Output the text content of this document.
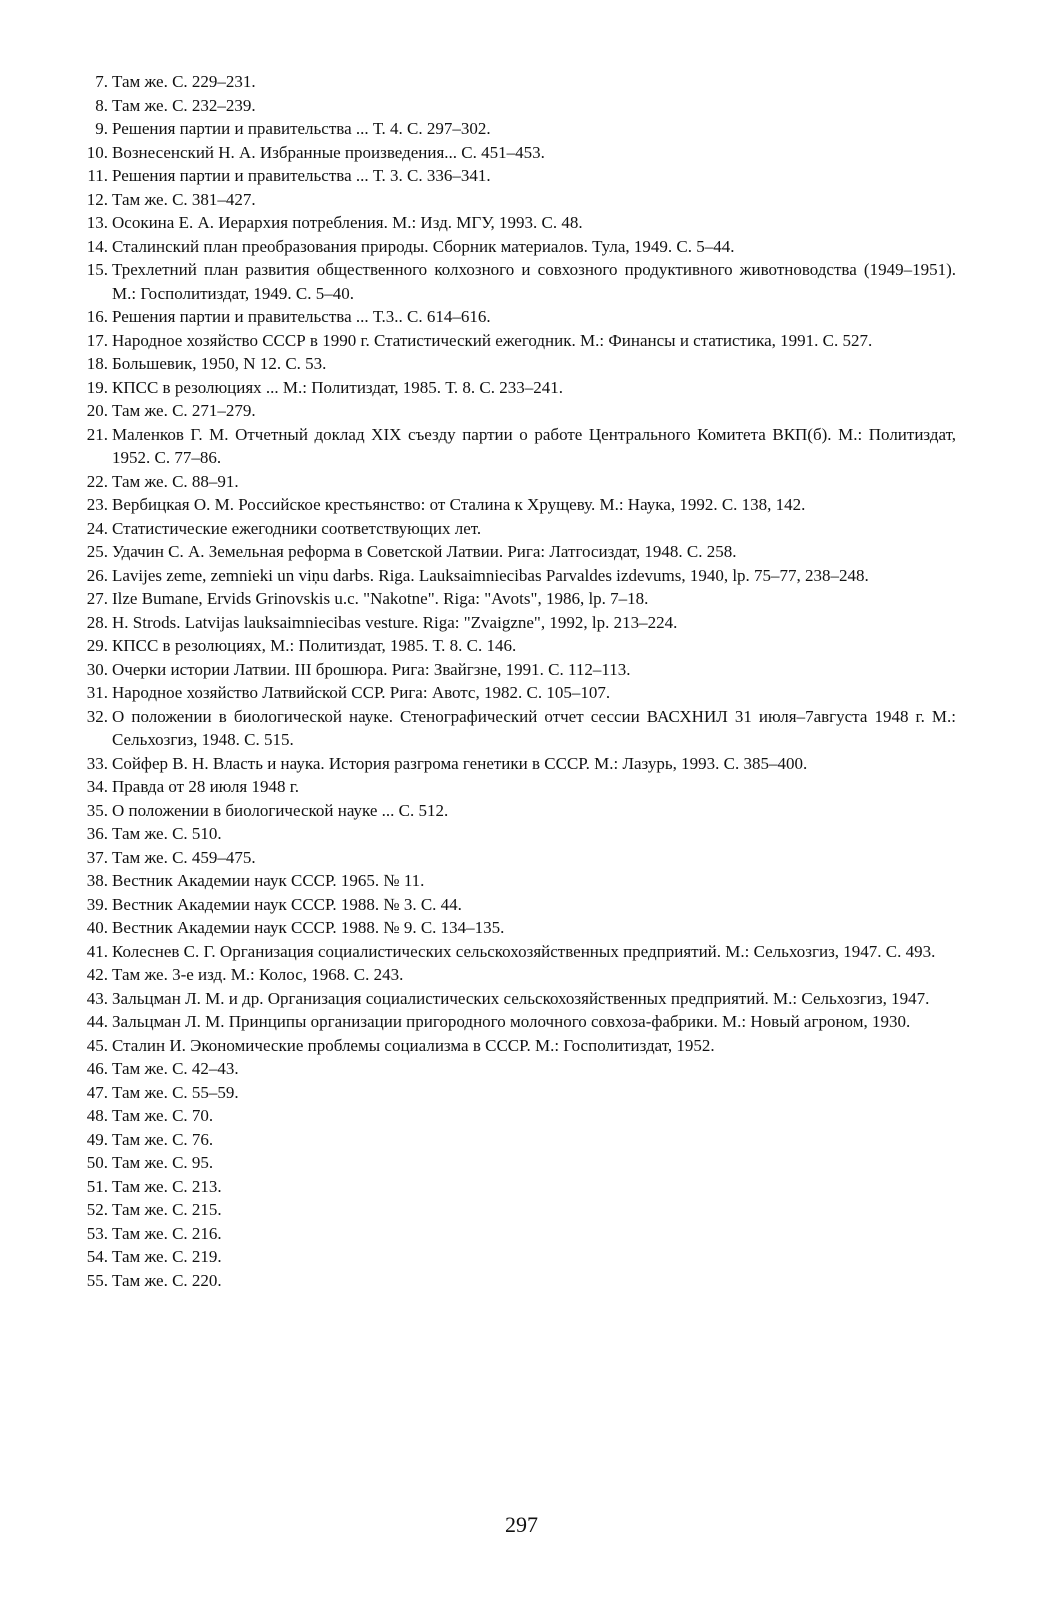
7. Там же. С. 229–231.
8. Там же. С. 232–239.
9. Решения партии и правительства ... Т. 4. С. 297–302.
10. Вознесенский Н. А. Избранные произведения... С. 451–453.
11. Решения партии и правительства ... Т. 3. С. 336–341.
12. Там же. С. 381–427.
13. Осокина Е. А. Иерархия потребления. М.: Изд. МГУ, 1993. С. 48.
14. Сталинский план преобразования природы. Сборник материалов. Тула, 1949. С. 5–44.
15. Трехлетний план развития общественного колхозного и совхозного продуктивного животноводства (1949–1951). М.: Госполитиздат, 1949. С. 5–40.
16. Решения партии и правительства ... Т.3.. С. 614–616.
17. Народное хозяйство СССР в 1990 г. Статистический ежегодник. М.: Финансы и статистика, 1991. С. 527.
18. Большевик, 1950, N 12. С. 53.
19. КПСС в резолюциях ... М.: Политиздат, 1985. Т. 8. С. 233–241.
20. Там же. С. 271–279.
21. Маленков Г. М. Отчетный доклад XIX съезду партии о работе Центрального Комитета ВКП(б). М.: Политиздат, 1952. С. 77–86.
22. Там же. С. 88–91.
23. Вербицкая О. М. Российское крестьянство: от Сталина к Хрущеву. М.: Наука, 1992. С. 138, 142.
24. Статистические ежегодники соответствующих лет.
25. Удачин С. А. Земельная реформа в Советской Латвии. Рига: Латгосиздат, 1948. С. 258.
26. Lavijes zeme, zemnieki un viņu darbs. Riga. Lauksaimniecibas Parvaldes izdevums, 1940, lp. 75–77, 238–248.
27. Ilze Bumane, Ervids Grinovskis u.c. "Nakotne". Riga: "Avots", 1986, lp. 7–18.
28. H. Strods. Latvijas lauksaimniecibas vesture. Riga: "Zvaigzne", 1992, lp. 213–224.
29. КПСС в резолюциях, М.: Политиздат, 1985. Т. 8. С. 146.
30. Очерки истории Латвии. III брошюра. Рига: Звайгзне, 1991. С. 112–113.
31. Народное хозяйство Латвийской ССР. Рига: Авотс, 1982. С. 105–107.
32. О положении в биологической науке. Стенографический отчет сессии ВАСХНИЛ 31 июля–7августа 1948 г. М.: Сельхозгиз, 1948. С. 515.
33. Сойфер В. Н. Власть и наука. История разгрома генетики в СССР. М.: Лазурь, 1993. С. 385–400.
34. Правда от 28 июля 1948 г.
35. О положении в биологической науке ... С. 512.
36. Там же. С. 510.
37. Там же. С. 459–475.
38. Вестник Академии наук СССР. 1965. № 11.
39. Вестник Академии наук СССР. 1988. № 3. С. 44.
40. Вестник Академии наук СССР. 1988. № 9. С. 134–135.
41. Колеснев С. Г. Организация социалистических сельскохозяйственных предприятий. М.: Сельхозгиз, 1947. С. 493.
42. Там же. 3-е изд. М.: Колос, 1968. С. 243.
43. Зальцман Л. М. и др. Организация социалистических сельскохозяйственных предприятий. М.: Сельхозгиз, 1947.
44. Зальцман Л. М. Принципы организации пригородного молочного совхоза-фабрики. М.: Новый агроном, 1930.
45. Сталин И. Экономические проблемы социализма в СССР. М.: Госполитиздат, 1952.
46. Там же. С. 42–43.
47. Там же. С. 55–59.
48. Там же. С. 70.
49. Там же. С. 76.
50. Там же. С. 95.
51. Там же. С. 213.
52. Там же. С. 215.
53. Там же. С. 216.
54. Там же. С. 219.
55. Там же. С. 220.
297
